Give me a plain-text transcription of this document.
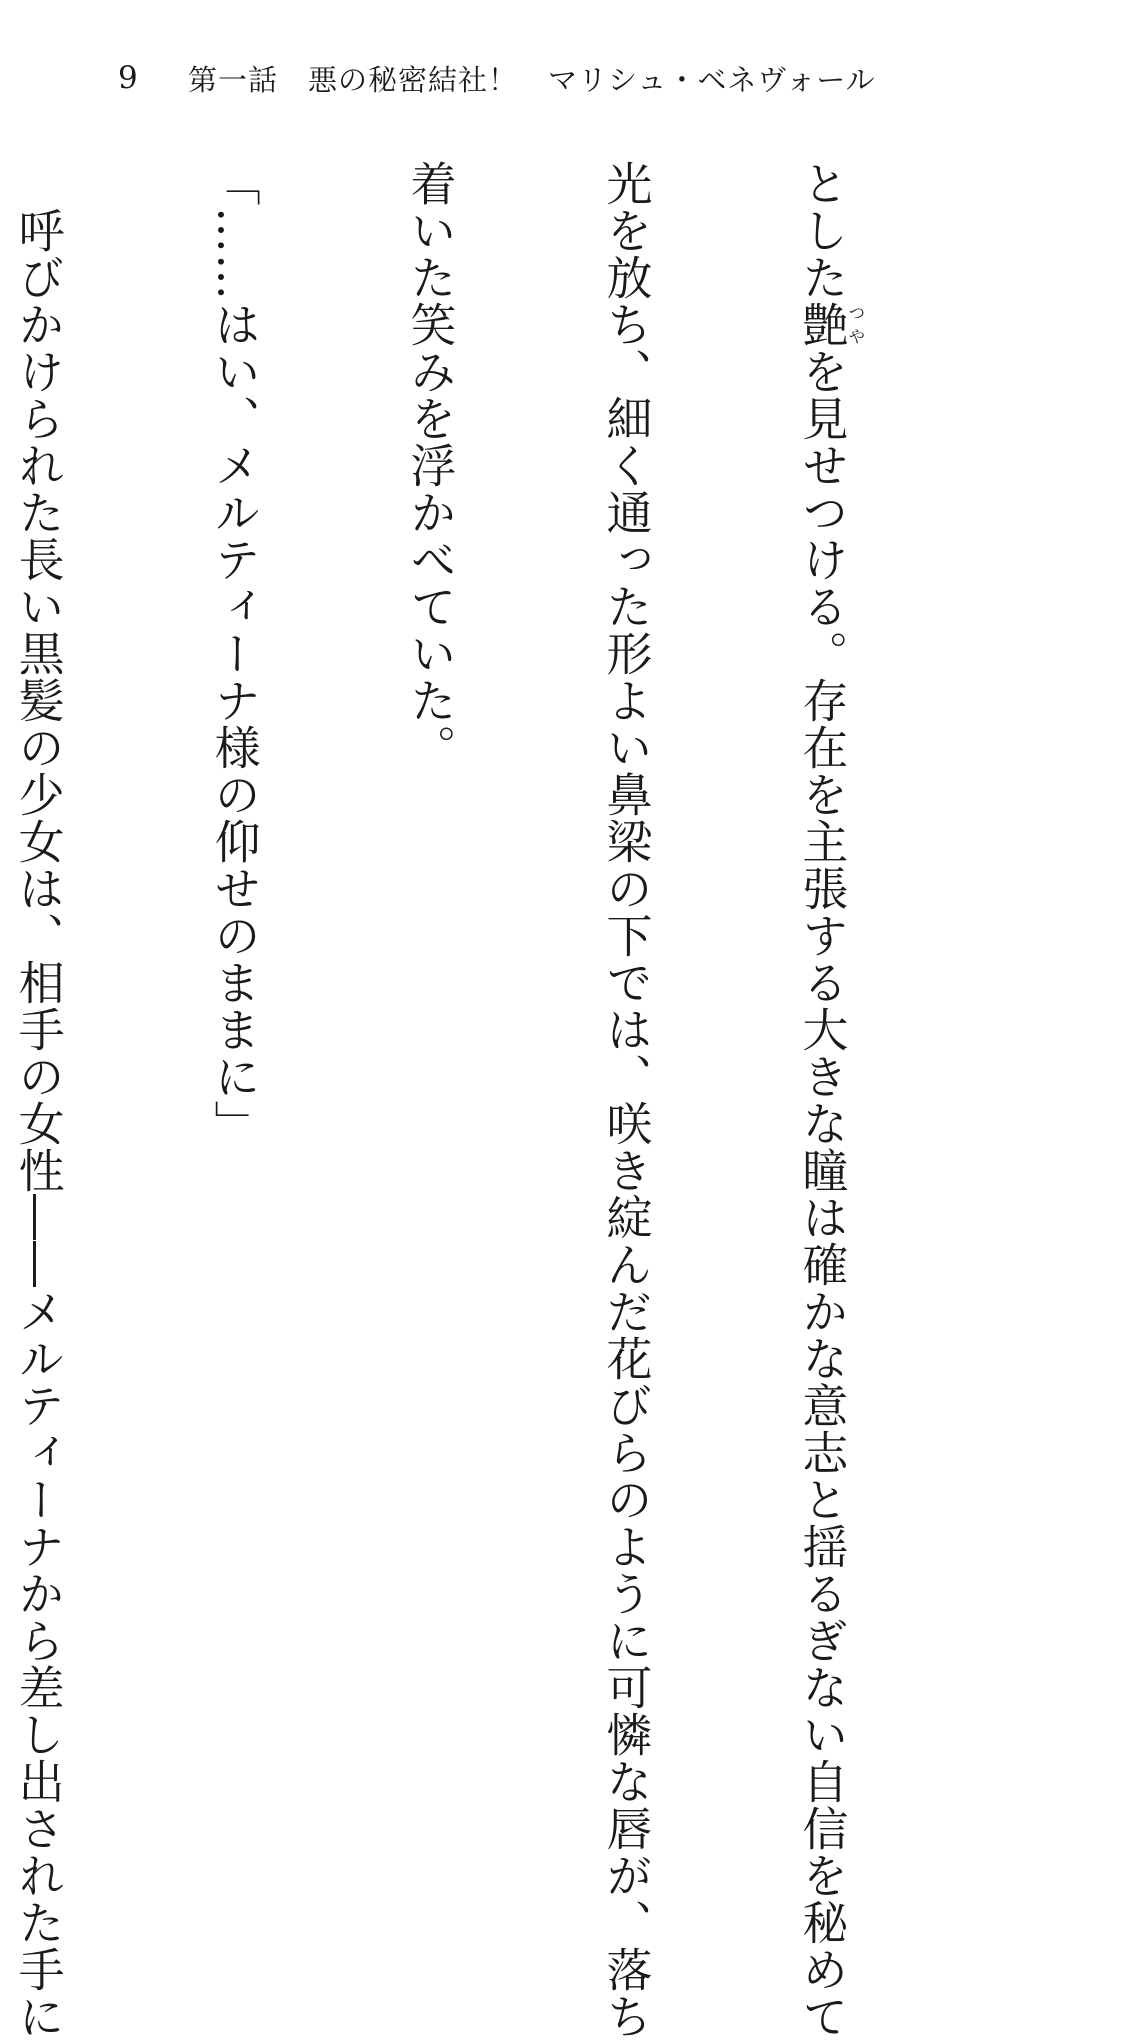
9	第一話　悪の秘密結社！　マリシュ・ベネヴォール

とした艶つやを見せつける。存在を主張する大きな瞳は確かな意志と揺るぎない自信を秘めて

光を放ち、細く通った形よい鼻梁の下では、咲き綻んだ花びらのように可憐な唇が、落ち

着いた笑みを浮かべていた。

「……はい、メルティーナ様の仰せのままに」

　呼びかけられた長い黒髪の少女は、相手の女性――メルティーナから差し出された手に
